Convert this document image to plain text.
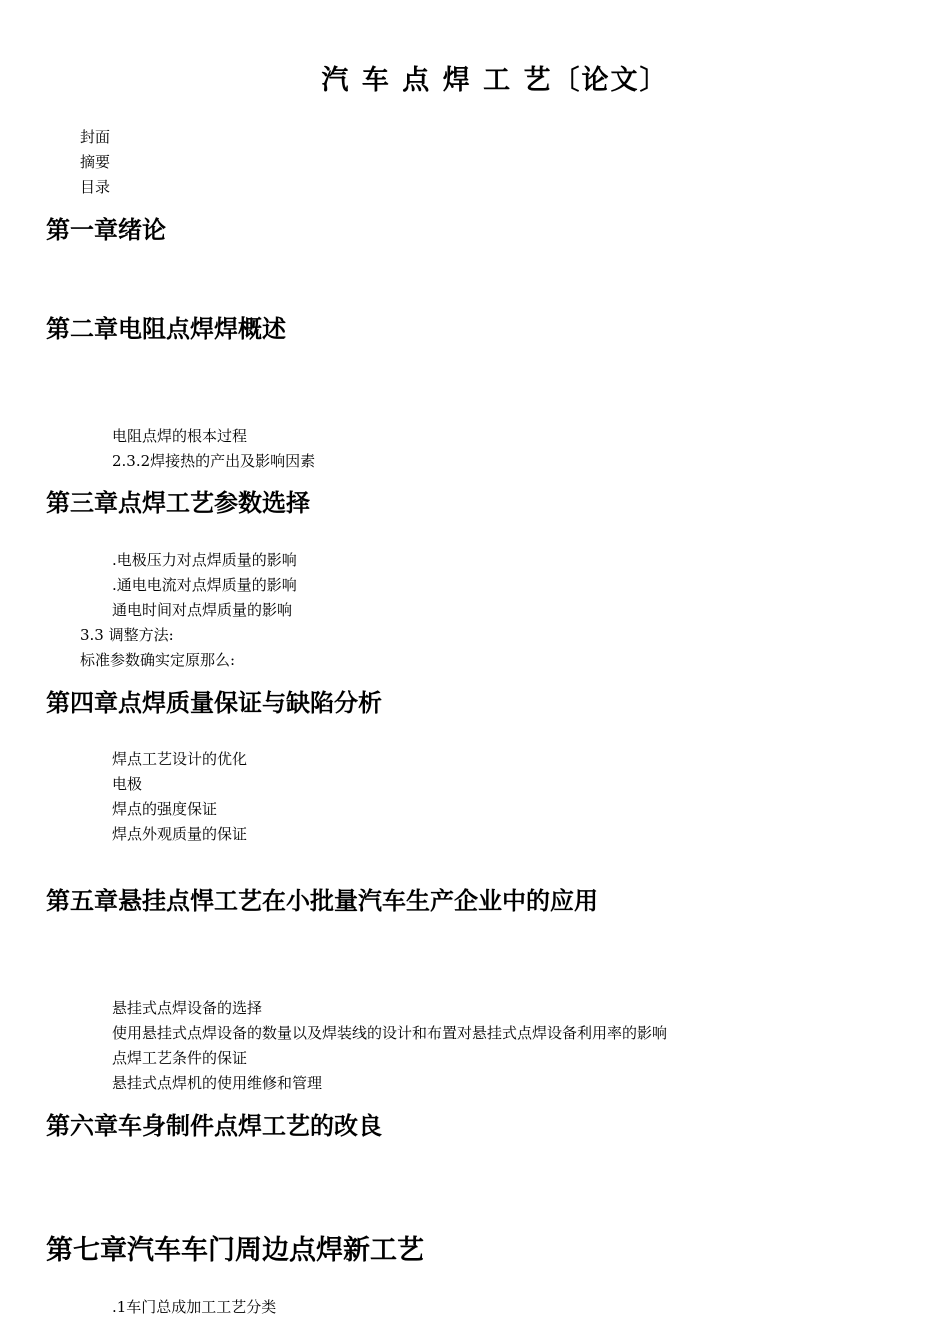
汽 车 点 焊 工 艺〔论文〕
封面
摘要
目录
第一章绪论
第二章电阻点焊焊概述
电阻点焊的根本过程
2.3.2焊接热的产出及影响因素
第三章点焊工艺参数选择
.电极压力对点焊质量的影响
.通电电流对点焊质量的影响
通电时间对点焊质量的影响
3.3 调整方法:
标准参数确实定原那么:
第四章点焊质量保证与缺陷分析
焊点工艺设计的优化
电极
焊点的强度保证
焊点外观质量的保证
第五章悬挂点悍工艺在小批量汽车生产企业中的应用
悬挂式点焊设备的选择
使用悬挂式点焊设备的数量以及焊装线的设计和布置对悬挂式点焊设备利用率的影响
点焊工艺条件的保证
悬挂式点焊机的使用维修和管理
第六章车身制件点焊工艺的改良
第七章汽车车门周边点焊新工艺
.1车门总成加工工艺分类
